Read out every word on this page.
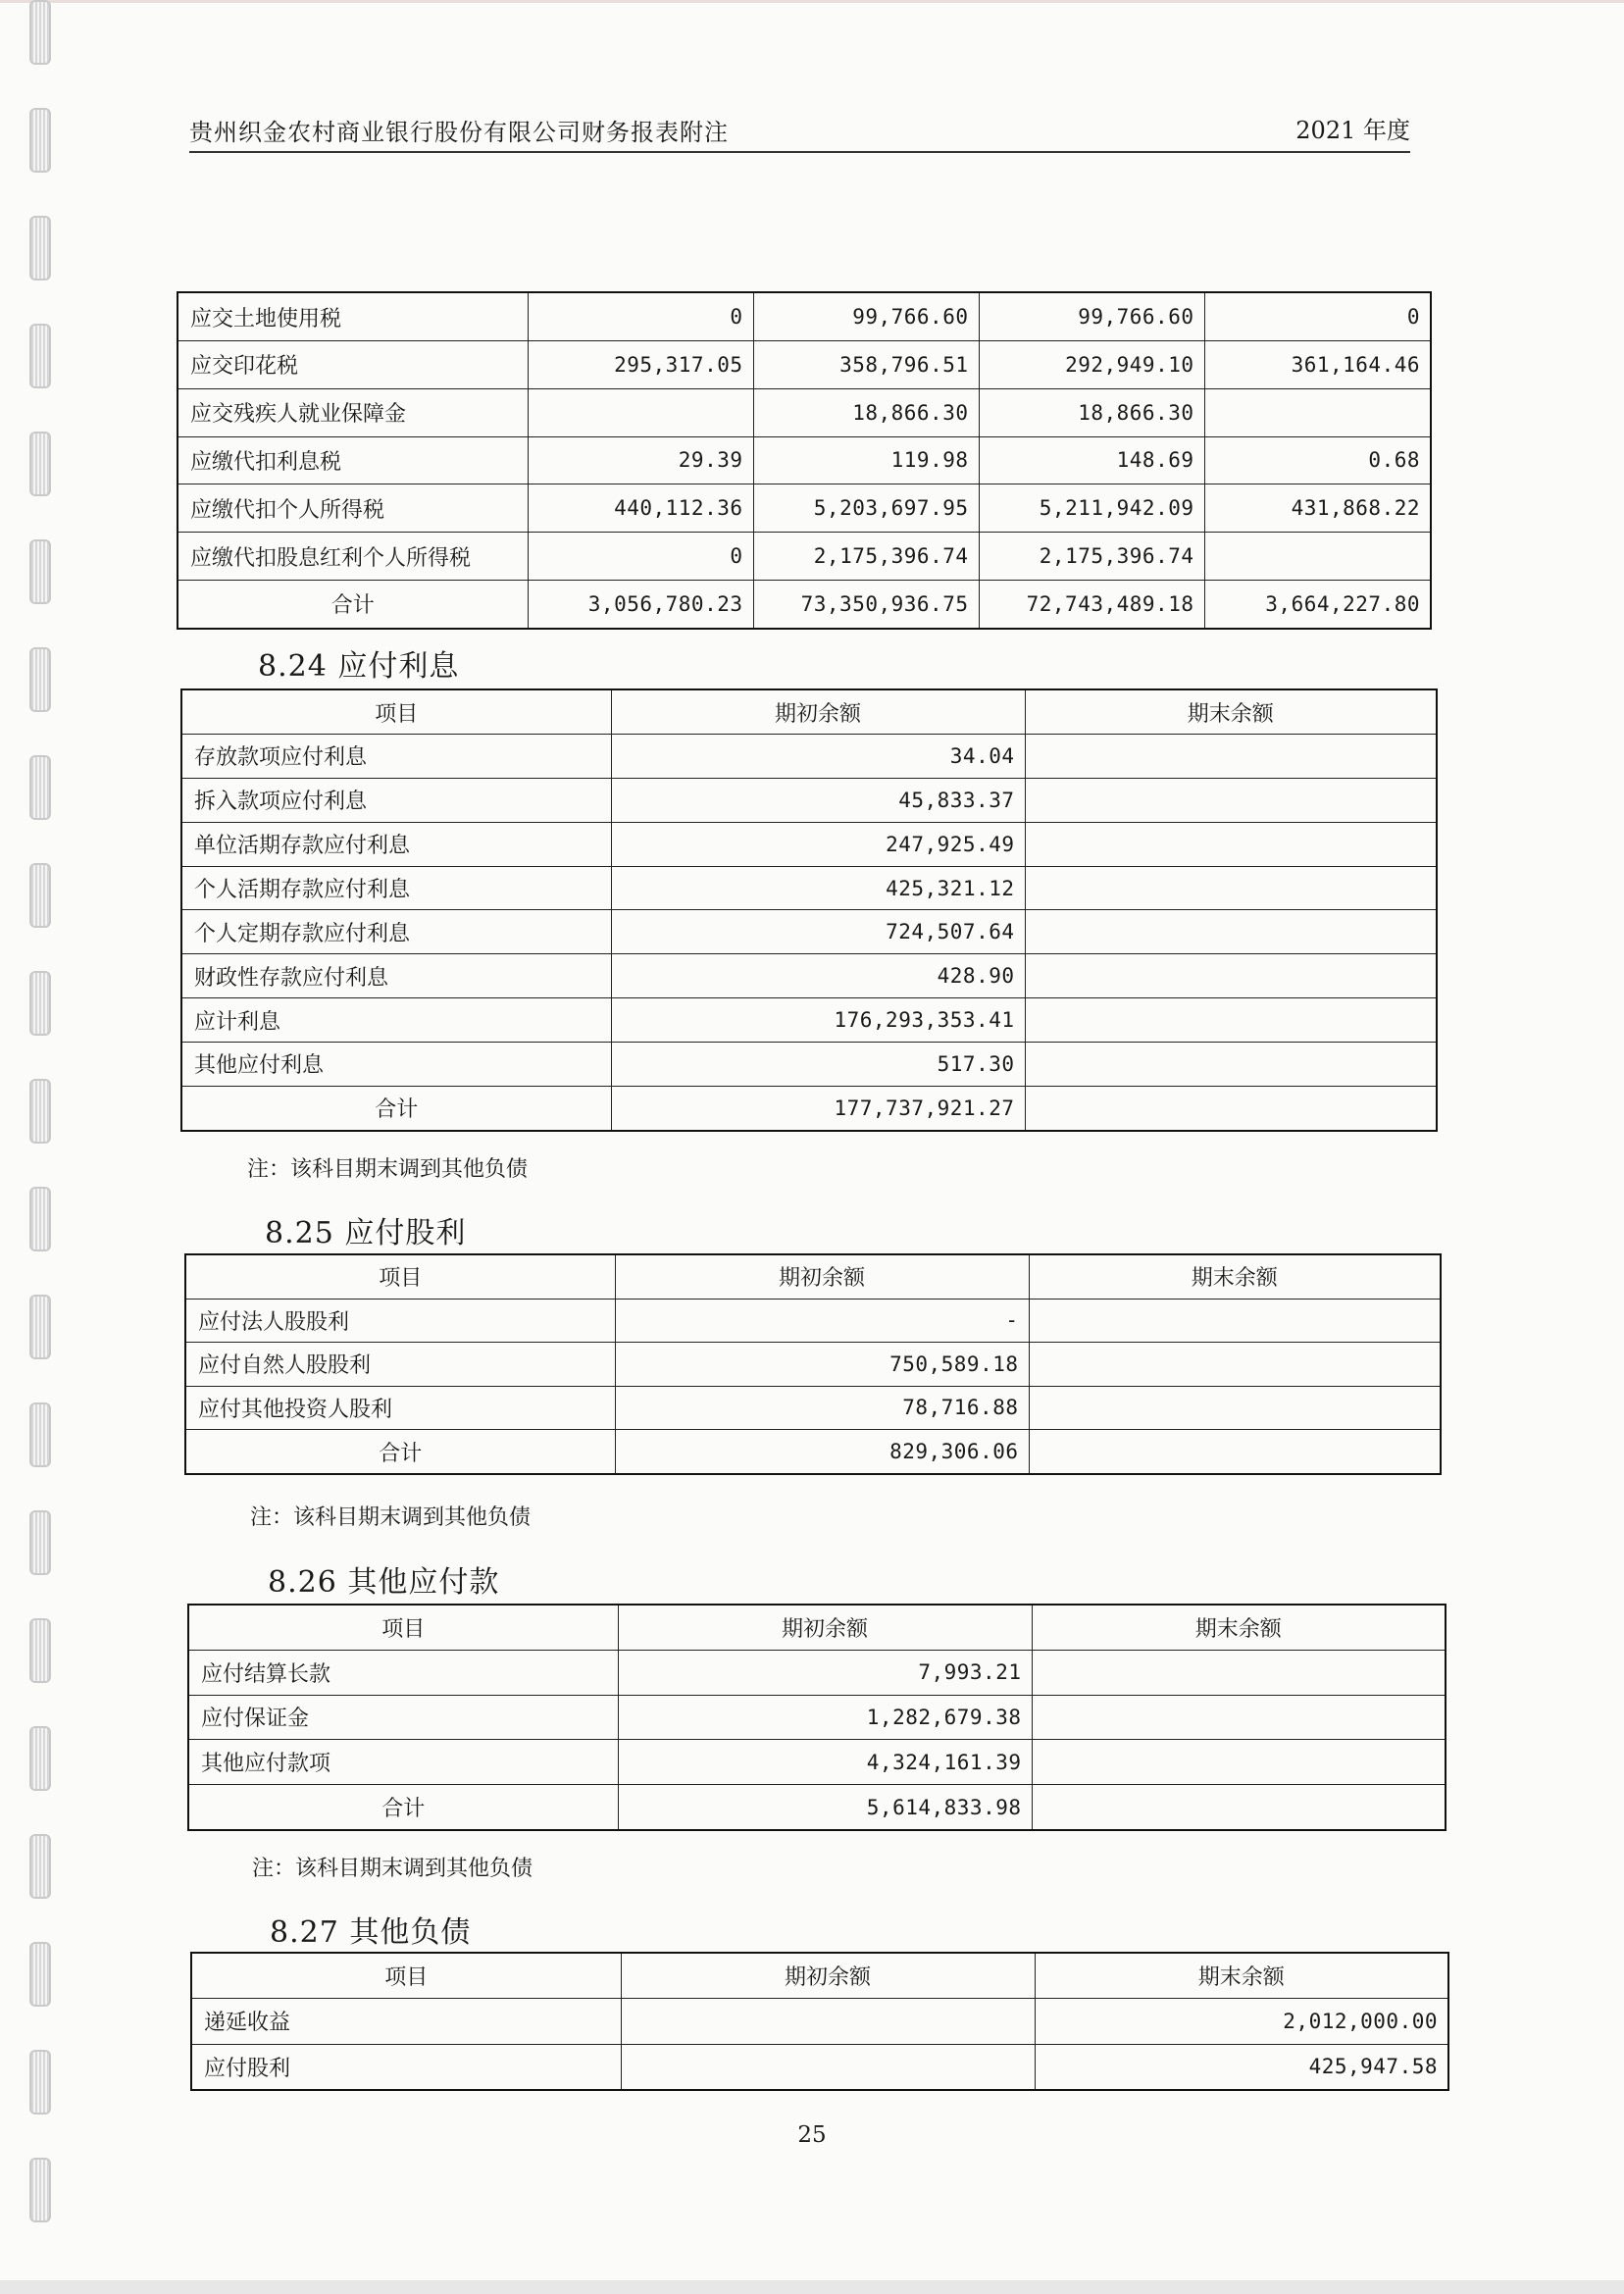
贵州织金农村商业银行股份有限公司财务报表附注	2021 年度
应交土地使用税	0	99,766.60	99,766.60	0
应交印花税	295,317.05	358,796.51	292,949.10	361,164.46
应交残疾人就业保障金		18,866.30	18,866.30	
应缴代扣利息税	29.39	119.98	148.69	0.68
应缴代扣个人所得税	440,112.36	5,203,697.95	5,211,942.09	431,868.22
应缴代扣股息红利个人所得税	0	2,175,396.74	2,175,396.74	
合计	3,056,780.23	73,350,936.75	72,743,489.18	3,664,227.80
8.24 应付利息
项目	期初余额	期末余额
存放款项应付利息	34.04	
拆入款项应付利息	45,833.37	
单位活期存款应付利息	247,925.49	
个人活期存款应付利息	425,321.12	
个人定期存款应付利息	724,507.64	
财政性存款应付利息	428.90	
应计利息	176,293,353.41	
其他应付利息	517.30	
合计	177,737,921.27	
注：该科目期末调到其他负债
8.25 应付股利
项目	期初余额	期末余额
应付法人股股利	-	
应付自然人股股利	750,589.18	
应付其他投资人股利	78,716.88	
合计	829,306.06	
注：该科目期末调到其他负债
8.26 其他应付款
项目	期初余额	期末余额
应付结算长款	7,993.21	
应付保证金	1,282,679.38	
其他应付款项	4,324,161.39	
合计	5,614,833.98	
注：该科目期末调到其他负债
8.27 其他负债
项目	期初余额	期末余额
递延收益		2,012,000.00
应付股利		425,947.58
25
